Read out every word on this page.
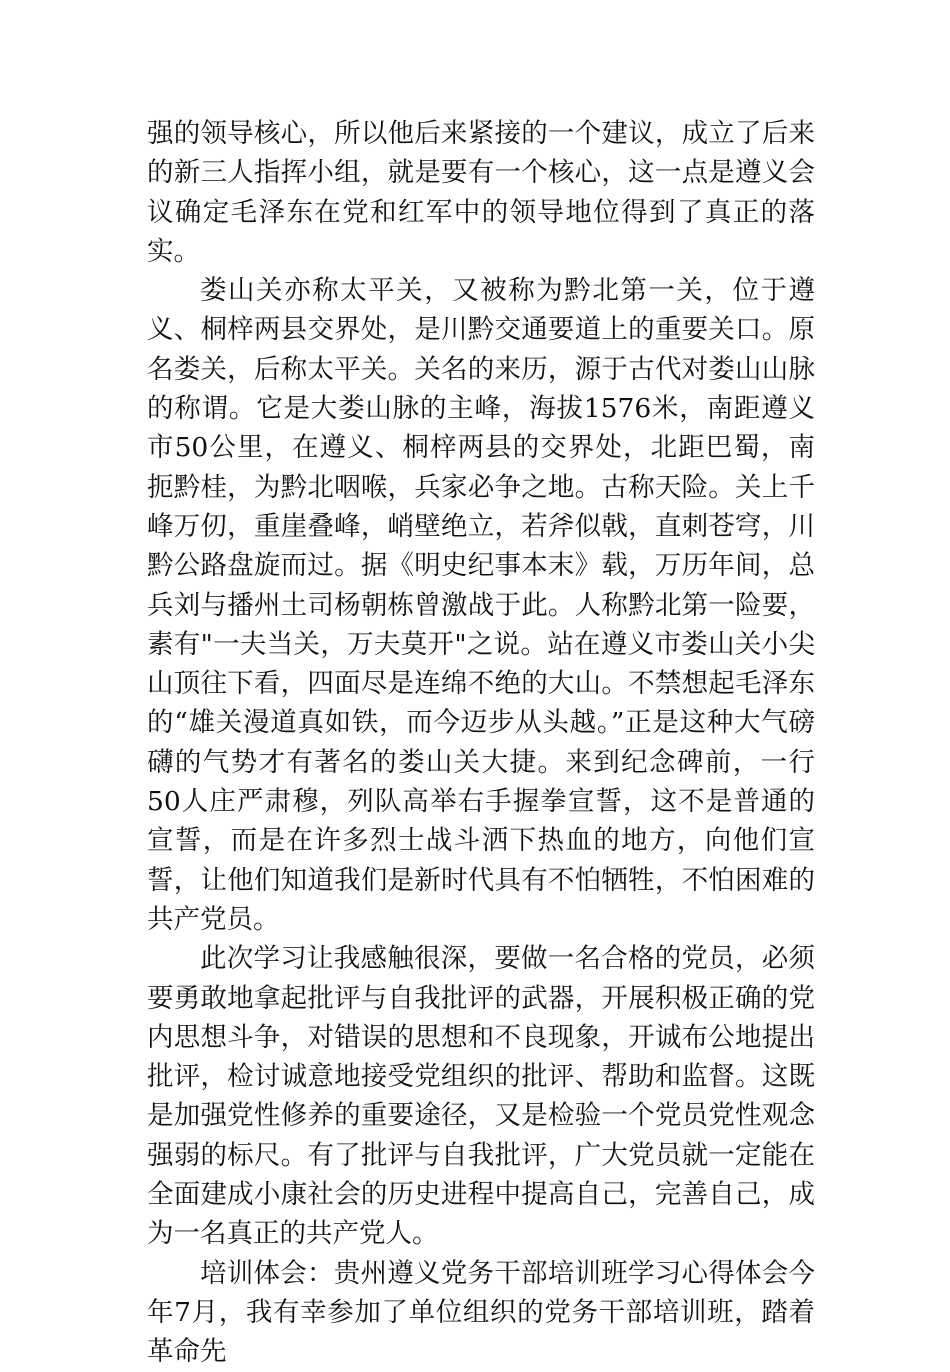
强的领导核心，所以他后来紧接的一个建议，成立了后来的新三人指挥小组，就是要有一个核心，这一点是遵义会议确定毛泽东在党和红军中的领导地位得到了真正的落实。

娄山关亦称太平关，又被称为黔北第一关，位于遵义、桐梓两县交界处，是川黔交通要道上的重要关口。原名娄关，后称太平关。关名的来历，源于古代对娄山山脉的称谓。它是大娄山脉的主峰，海拔1576米，南距遵义市50公里，在遵义、桐梓两县的交界处，北距巴蜀，南扼黔桂，为黔北咽喉，兵家必争之地。古称天险。关上千峰万仞，重崖叠峰，峭壁绝立，若斧似戟，直刺苍穹，川黔公路盘旋而过。据《明史纪事本末》载，万历年间，总兵刘与播州土司杨朝栋曾激战于此。人称黔北第一险要，素有"一夫当关，万夫莫开"之说。站在遵义市娄山关小尖山顶往下看，四面尽是连绵不绝的大山。不禁想起毛泽东的“雄关漫道真如铁，而今迈步从头越。”正是这种大气磅礴的气势才有著名的娄山关大捷。来到纪念碑前，一行50人庄严肃穆，列队高举右手握拳宣誓，这不是普通的宣誓，而是在许多烈士战斗洒下热血的地方，向他们宣誓，让他们知道我们是新时代具有不怕牺牲，不怕困难的共产党员。

此次学习让我感触很深，要做一名合格的党员，必须要勇敢地拿起批评与自我批评的武器，开展积极正确的党内思想斗争，对错误的思想和不良现象，开诚布公地提出批评，检讨诚意地接受党组织的批评、帮助和监督。这既是加强党性修养的重要途径，又是检验一个党员党性观念强弱的标尺。有了批评与自我批评，广大党员就一定能在全面建成小康社会的历史进程中提高自己，完善自己，成为一名真正的共产党人。

培训体会：贵州遵义党务干部培训班学习心得体会今年7月，我有幸参加了单位组织的党务干部培训班，踏着革命先
